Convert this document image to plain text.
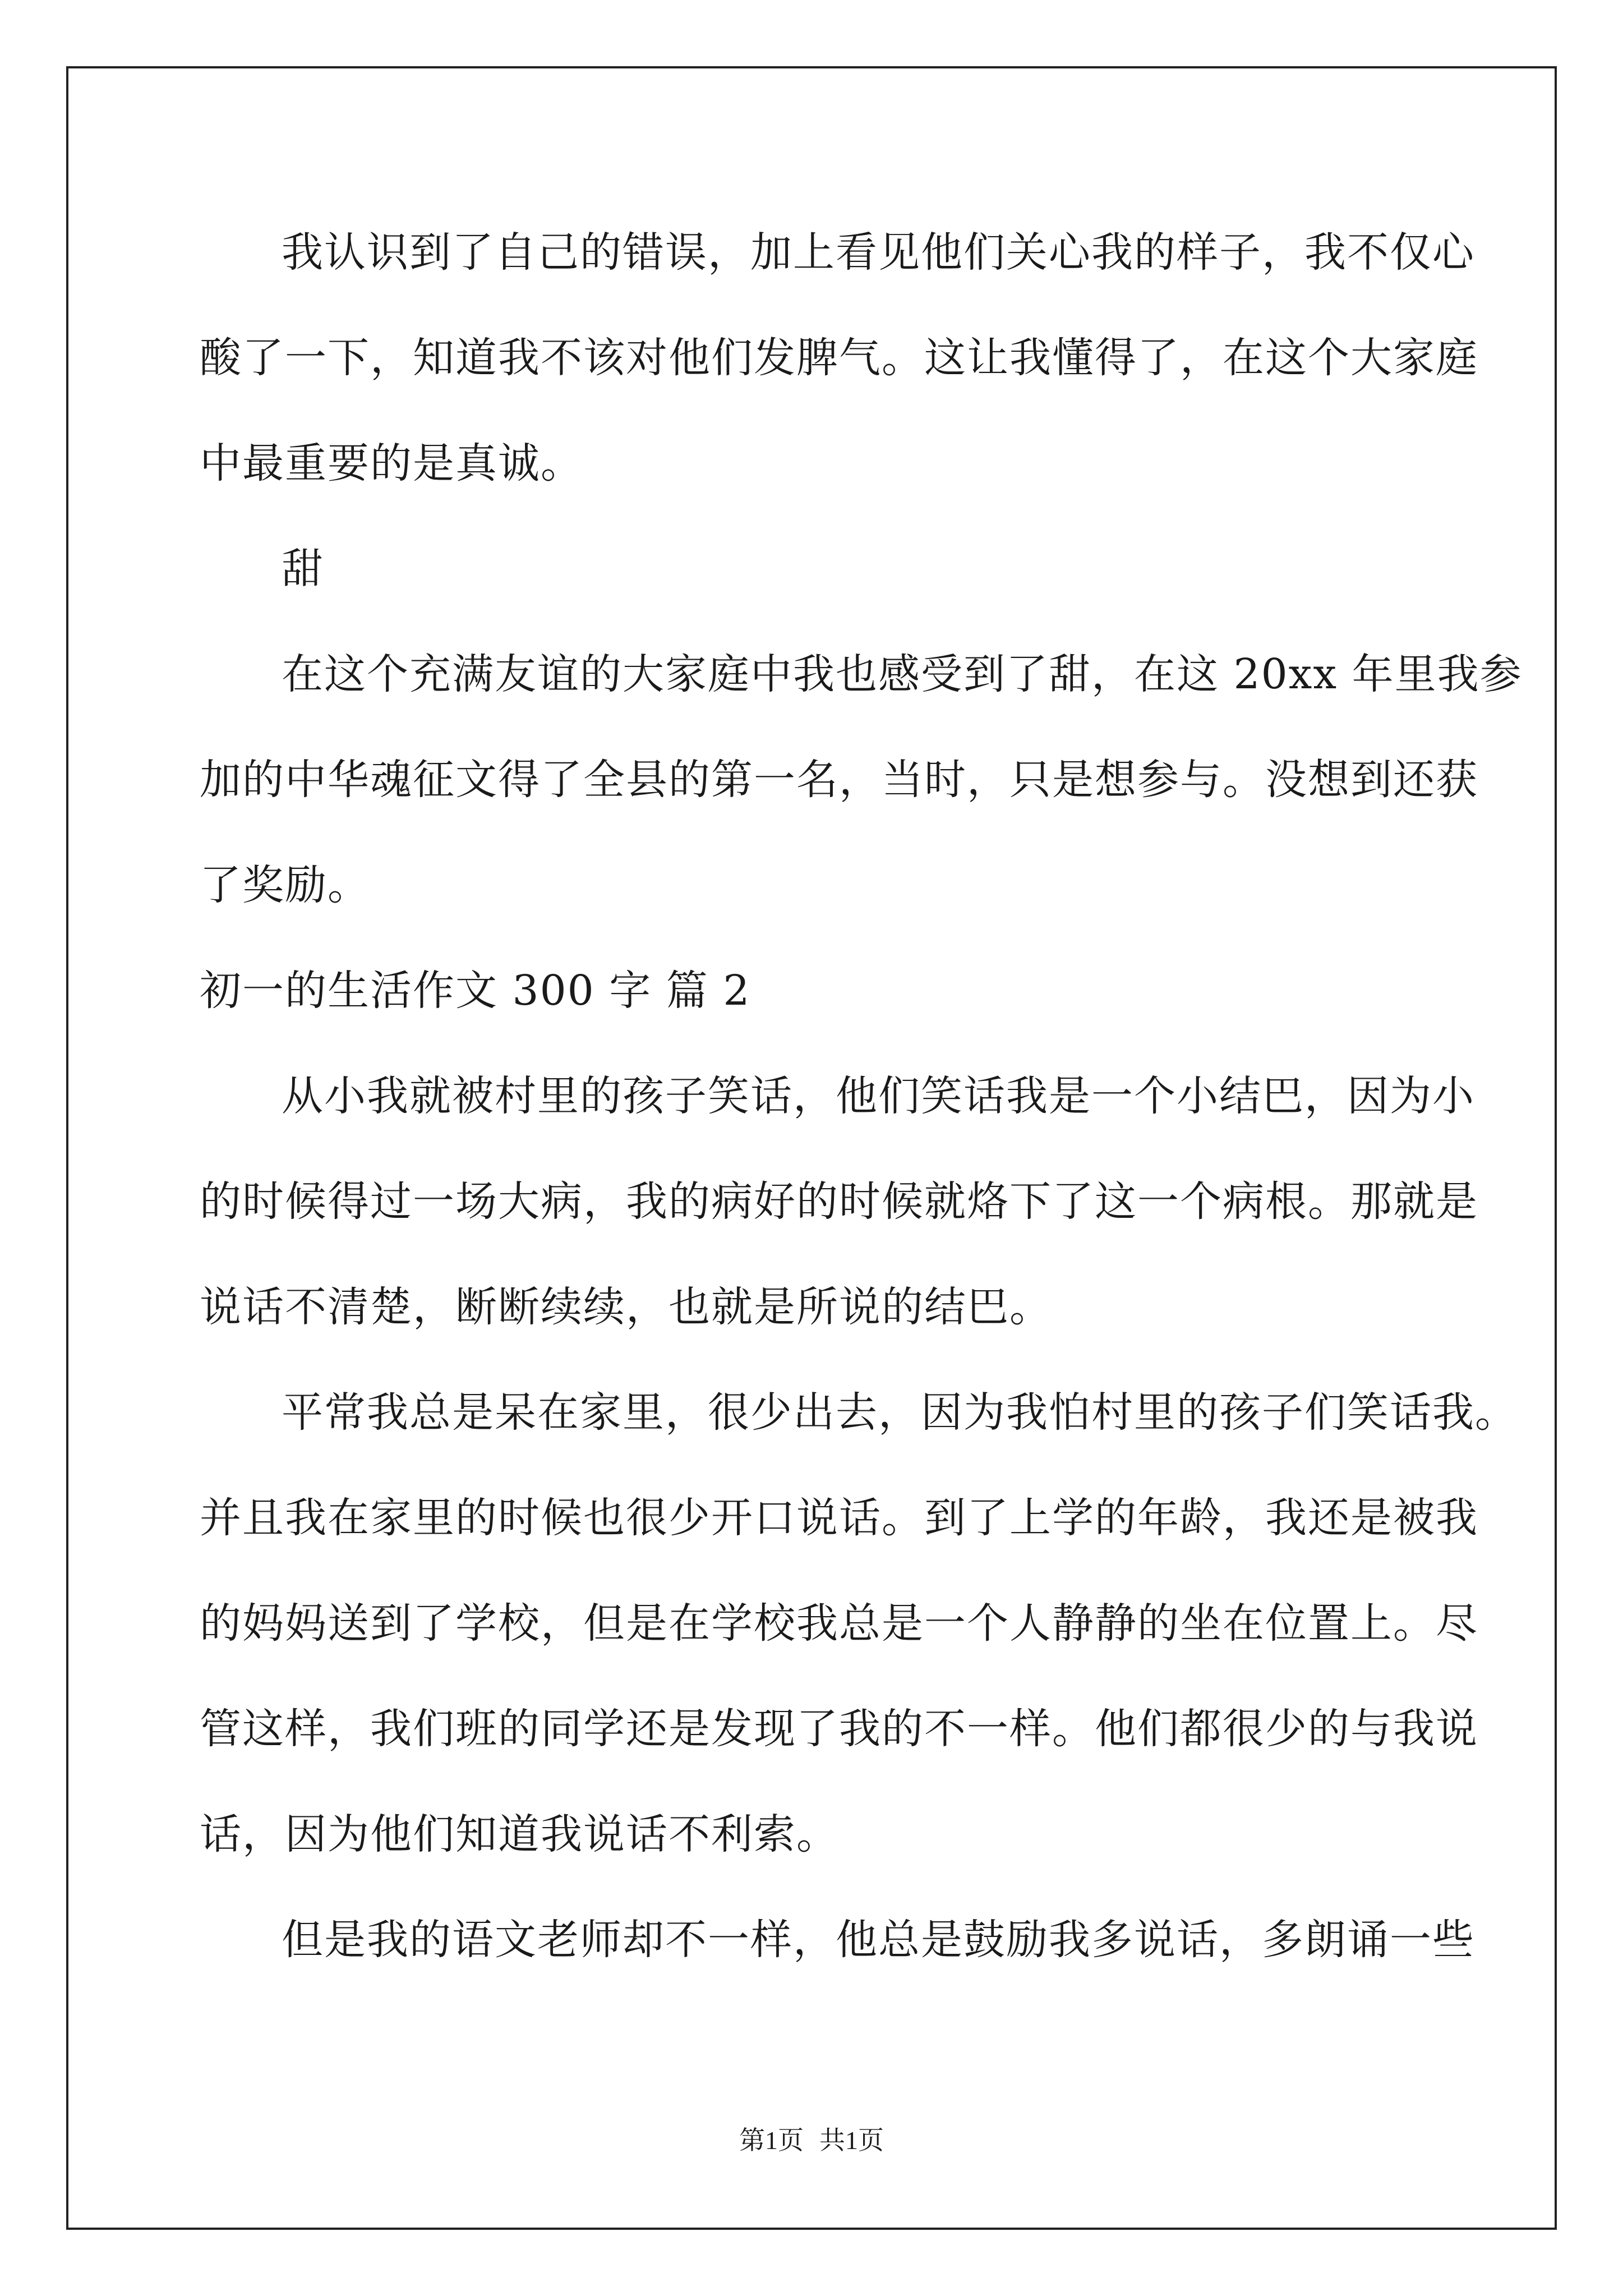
我认识到了自己的错误，加上看见他们关心我的样子，我不仅心
酸了一下，知道我不该对他们发脾气。这让我懂得了，在这个大家庭
中最重要的是真诚。
甜
在这个充满友谊的大家庭中我也感受到了甜，在这 20xx 年里我参
加的中华魂征文得了全县的第一名，当时，只是想参与。没想到还获
了奖励。
初一的生活作文 300 字 篇 2
从小我就被村里的孩子笑话，他们笑话我是一个小结巴，因为小
的时候得过一场大病，我的病好的时候就烙下了这一个病根。那就是
说话不清楚，断断续续，也就是所说的结巴。
平常我总是呆在家里，很少出去，因为我怕村里的孩子们笑话我。
并且我在家里的时候也很少开口说话。到了上学的年龄，我还是被我
的妈妈送到了学校，但是在学校我总是一个人静静的坐在位置上。尽
管这样，我们班的同学还是发现了我的不一样。他们都很少的与我说
话，因为他们知道我说话不利索。
但是我的语文老师却不一样，他总是鼓励我多说话，多朗诵一些
第1页 共1页
